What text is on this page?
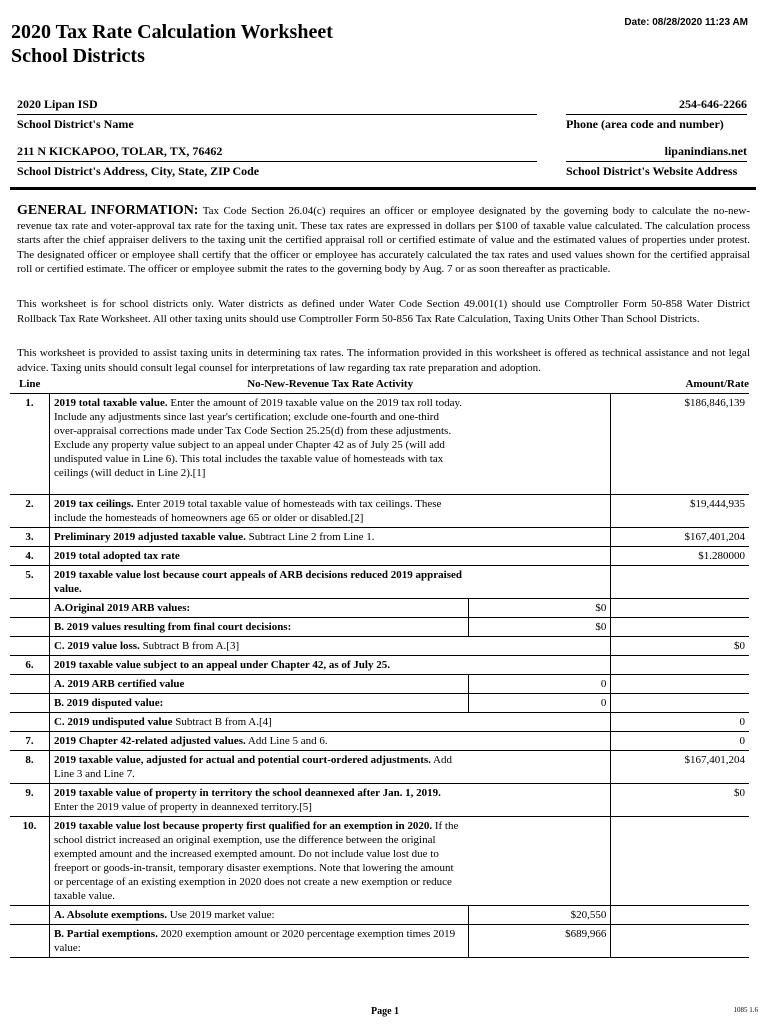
Date: 08/28/2020 11:23 AM
2020 Tax Rate Calculation Worksheet
School Districts
2020 Lipan ISD
School District's Name
254-646-2266
Phone (area code and number)
211 N KICKAPOO, TOLAR, TX, 76462
School District's Address, City, State, ZIP Code
lipanindians.net
School District's Website Address
GENERAL INFORMATION: Tax Code Section 26.04(c) requires an officer or employee designated by the governing body to calculate the no-new-revenue tax rate and voter-approval tax rate for the taxing unit. These tax rates are expressed in dollars per $100 of taxable value calculated. The calculation process starts after the chief appraiser delivers to the taxing unit the certified appraisal roll or certified estimate of value and the estimated values of properties under protest. The designated officer or employee shall certify that the officer or employee has accurately calculated the tax rates and used values shown for the certified appraisal roll or certified estimate. The officer or employee submit the rates to the governing body by Aug. 7 or as soon thereafter as practicable.
This worksheet is for school districts only. Water districts as defined under Water Code Section 49.001(1) should use Comptroller Form 50-858 Water District Rollback Tax Rate Worksheet. All other taxing units should use Comptroller Form 50-856 Tax Rate Calculation, Taxing Units Other Than School Districts.
This worksheet is provided to assist taxing units in determining tax rates. The information provided in this worksheet is offered as technical assistance and not legal advice. Taxing units should consult legal counsel for interpretations of law regarding tax rate preparation and adoption.
Line	No-New-Revenue Tax Rate Activity		Amount/Rate
1.	2019 total taxable value. Enter the amount of 2019 taxable value on the 2019 tax roll today. Include any adjustments since last year's certification; exclude one-fourth and one-third over-appraisal corrections made under Tax Code Section 25.25(d) from these adjustments. Exclude any property value subject to an appeal under Chapter 42 as of July 25 (will add undisputed value in Line 6). This total includes the taxable value of homesteads with tax ceilings (will deduct in Line 2).[1]		$186,846,139
2.	2019 tax ceilings. Enter 2019 total taxable value of homesteads with tax ceilings. These include the homesteads of homeowners age 65 or older or disabled.[2]		$19,444,935
3.	Preliminary 2019 adjusted taxable value. Subtract Line 2 from Line 1.		$167,401,204
4.	2019 total adopted tax rate		$1.280000
5.	2019 taxable value lost because court appeals of ARB decisions reduced 2019 appraised value.		
	A.Original 2019 ARB values:	$0	
	B. 2019 values resulting from final court decisions:	$0	
	C. 2019 value loss. Subtract B from A.[3]		$0
6.	2019 taxable value subject to an appeal under Chapter 42, as of July 25.		
	A. 2019 ARB certified value	0	
	B. 2019 disputed value:	0	
	C. 2019 undisputed value Subtract B from A.[4]		0
7.	2019 Chapter 42-related adjusted values. Add Line 5 and 6.		0
8.	2019 taxable value, adjusted for actual and potential court-ordered adjustments. Add Line 3 and Line 7.		$167,401,204
9.	2019 taxable value of property in territory the school deannexed after Jan. 1, 2019. Enter the 2019 value of property in deannexed territory.[5]		$0
10.	2019 taxable value lost because property first qualified for an exemption in 2020. If the school district increased an original exemption, use the difference between the original exempted amount and the increased exempted amount. Do not include value lost due to freeport or goods-in-transit, temporary disaster exemptions. Note that lowering the amount or percentage of an existing exemption in 2020 does not create a new exemption or reduce taxable value.		
	A. Absolute exemptions. Use 2019 market value:	$20,550	
	B. Partial exemptions. 2020 exemption amount or 2020 percentage exemption times 2019 value:	$689,966	
Page 1	1085 1.6
